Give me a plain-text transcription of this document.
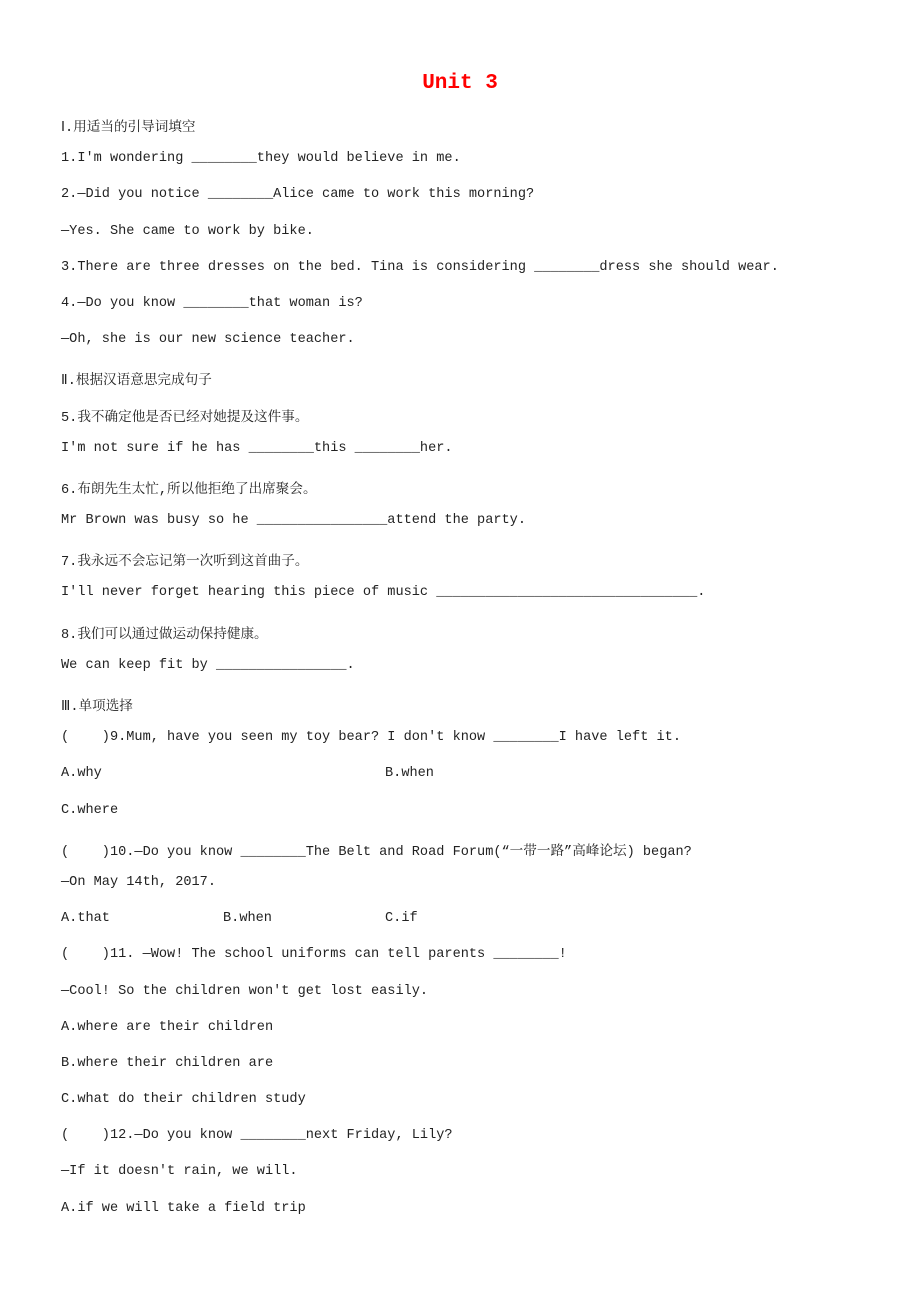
Unit 3
Ⅰ.用适当的引导词填空
1.I'm wondering ________they would believe in me.
2.—Did you notice ________Alice came to work this morning?
—Yes. She came to work by bike.
3.There are three dresses on the bed. Tina is considering ________dress she should wear.
4.—Do you know ________that woman is?
—Oh, she is our new science teacher.
Ⅱ.根据汉语意思完成句子
5.我不确定他是否已经对她提及这件事。
I'm not sure if he has ________this ________her.
6.布朗先生太忙,所以他拒绝了出席聚会。
Mr Brown was busy so he ________________attend the party.
7.我永远不会忘记第一次听到这首曲子。
I'll never forget hearing this piece of music ________________________________.
8.我们可以通过做运动保持健康。
We can keep fit by ________________.
Ⅲ.单项选择
(    )9.Mum, have you seen my toy bear? I don't know ________I have left it.
A.why	B.when
C.where
(    )10.—Do you know ________The Belt and Road Forum(“一带一路”高峰论坛) began?
—On May 14th, 2017.
A.that	B.when	C.if
(    )11. —Wow! The school uniforms can tell parents ________!
—Cool! So the children won't get lost easily.
A.where are their children
B.where their children are
C.what do their children study
(    )12.—Do you know ________next Friday, Lily?
—If it doesn't rain, we will.
A.if we will take a field trip
